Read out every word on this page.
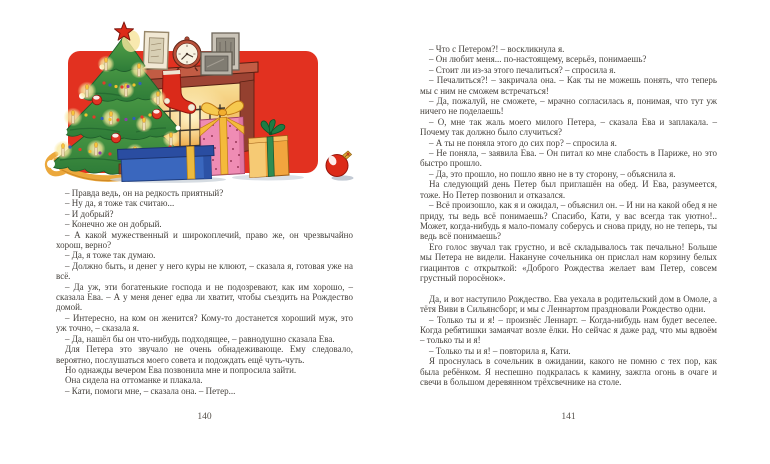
– Правда ведь, он на редкость приятный?

– Ну да, я тоже так считаю...

– И добрый?

– Конечно же он добрый.

– А какой мужественный и широкоплечий, право же, он чрезвычайно хорош, верно?

– Да, я тоже так думаю.

– Должно быть, и денег у него куры не клюют, – сказала я, готовая уже на всё.

– Да уж, эти богатенькие господа и не подозревают, как им хорошо, – сказала Ева. – А у меня денег едва ли хватит, чтобы съездить на Рождество домой.

– Интересно, на ком он женится? Кому-то достанется хороший муж, это уж точно, – сказала я.

– Да, нашёл бы он что-нибудь подходящее, – равнодушно сказала Ева.

Для Петера это звучало не очень обнадеживающе. Ему следовало, вероятно, послушаться моего совета и подождать ещё чуть-чуть.

Но однажды вечером Ева позвонила мне и попросила зайти.

Она сидела на оттоманке и плакала.

– Кати, помоги мне, – сказала она. – Петер...

140

– Что с Петером?! – воскликнула я.

– Он любит меня... по-настоящему, всерьёз, понимаешь?

– Стоит ли из-за этого печалиться? – спросила я.

– Печалиться?! – закричала она. – Как ты не можешь понять, что теперь мы с ним не сможем встречаться!

– Да, пожалуй, не сможете, – мрачно согласилась я, понимая, что тут уж ничего не поделаешь!

– О, мне так жаль моего милого Петера, – сказала Ева и заплакала. – Почему так должно было случиться?

– А ты не поняла этого до сих пор? – спросила я.

– Не поняла, – заявила Ева. – Он питал ко мне слабость в Париже, но это быстро прошло.

– Да, это прошло, но пошло явно не в ту сторону, – объяснила я.

На следующий день Петер был приглашён на обед. И Ева, разумеется, тоже. Но Петер позвонил и отказался.

– Всё произошло, как я и ожидал, – объяснил он. – И ни на какой обед я не приду, ты ведь всё понимаешь? Спасибо, Кати, у вас всегда так уютно!.. Может, когда-нибудь я мало-помалу соберусь и снова приду, но не теперь, ты ведь всё понимаешь?

Его голос звучал так грустно, и всё складывалось так печально! Больше мы Петера не видели. Накануне сочельника он прислал нам корзину белых гиацинтов с открыткой: «Доброго Рождества желает вам Петер, совсем грустный поросёнок».

Да, и вот наступило Рождество. Ева уехала в родительский дом в Омоле, а тётя Виви в Сильянсборг, и мы с Леннартом праздновали Рождество одни.

– Только ты и я! – произнёс Леннарт. – Когда-нибудь нам будет веселее. Когда ребятишки замаячат возле ёлки. Но сейчас я даже рад, что мы вдвоём – только ты и я!

– Только ты и я! – повторила я, Кати.

Я проснулась в сочельник в ожидании, какого не помню с тех пор, как была ребёнком. Я неспешно подкралась к камину, зажгла огонь в очаге и свечи в большом деревянном трёхсвечнике на столе.

141
